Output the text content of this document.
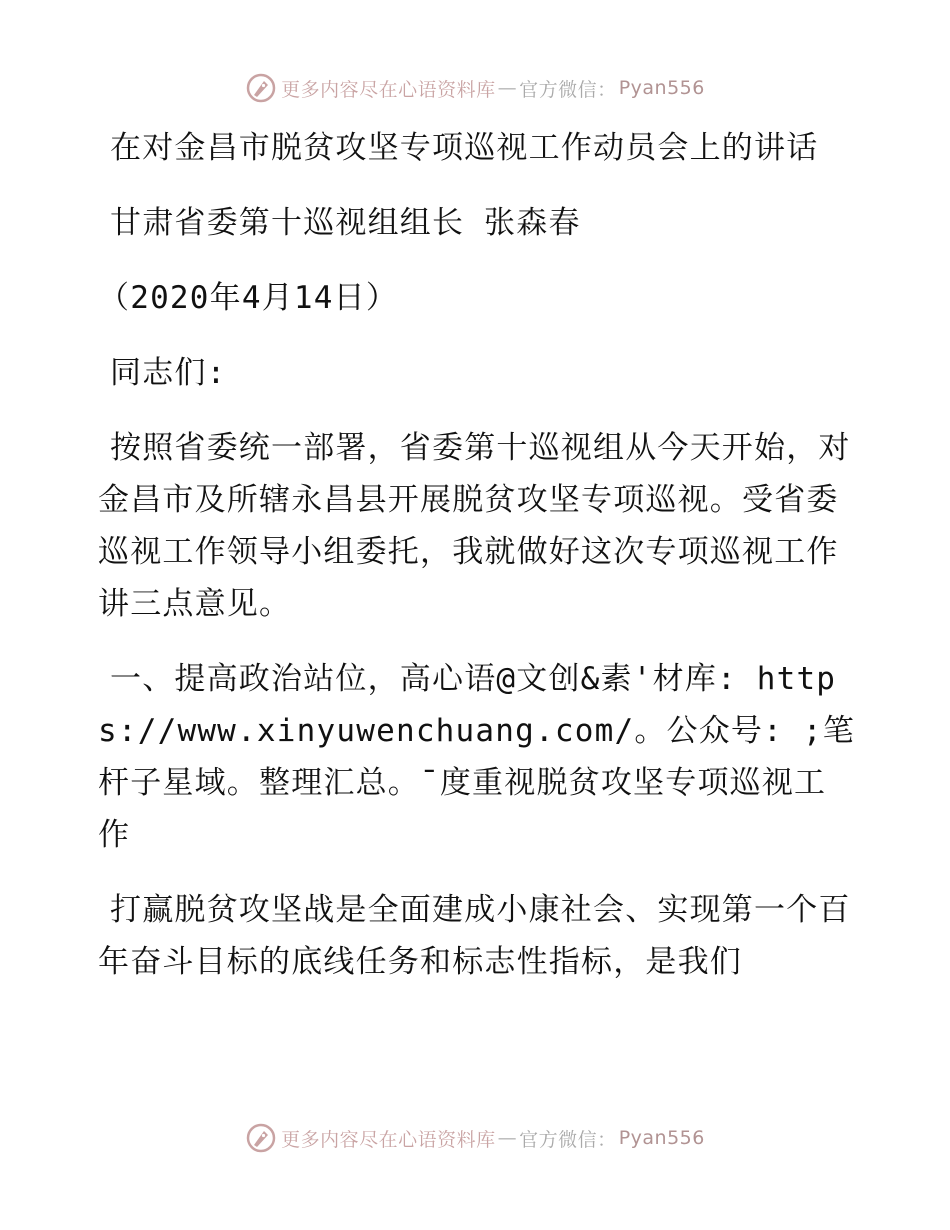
更多内容尽在心语资料库 — 官方微信： Pyan556

在对金昌市脱贫攻坚专项巡视工作动员会上的讲话

甘肃省委第十巡视组组长 张森春

（2020年4月14日）

同志们:

按照省委统一部署，省委第十巡视组从今天开始，对金昌市及所辖永昌县开展脱贫攻坚专项巡视。受省委巡视工作领导小组委托，我就做好这次专项巡视工作讲三点意见。

一、提高政治站位，高心语@文创&素'材库: https://www.xinyuwenchuang.com/。公众号: ;笔杆子星域。整理汇总。¯度重视脱贫攻坚专项巡视工作

打赢脱贫攻坚战是全面建成小康社会、实现第一个百年奋斗目标的底线任务和标志性指标，是我们

更多内容尽在心语资料库 — 官方微信： Pyan556
